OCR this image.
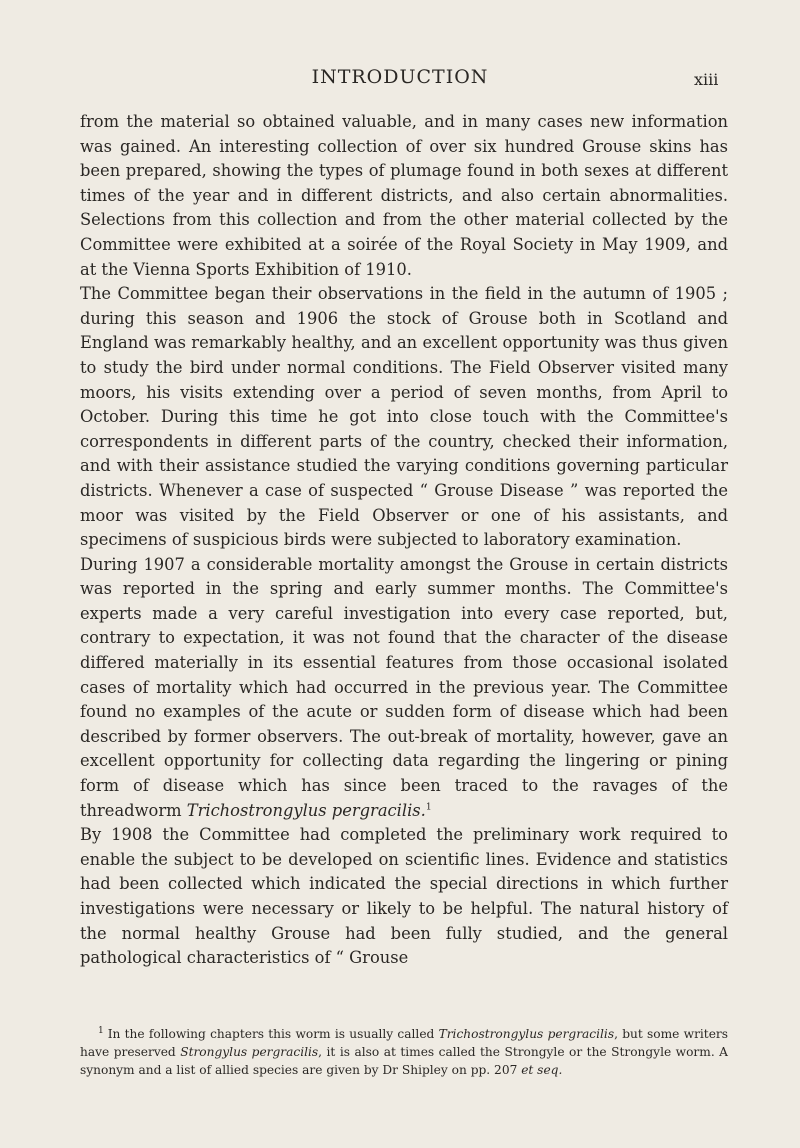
INTRODUCTION	xiii

from the material so obtained valuable, and in many cases new information was gained. An interesting collection of over six hundred Grouse skins has been prepared, showing the types of plumage found in both sexes at different times of the year and in different districts, and also certain abnormalities. Selections from this collection and from the other material collected by the Committee were exhibited at a soirée of the Royal Society in May 1909, and at the Vienna Sports Exhibition of 1910.

The Committee began their observations in the field in the autumn of 1905 ; during this season and 1906 the stock of Grouse both in Scotland and England was remarkably healthy, and an excellent opportunity was thus given to study the bird under normal conditions. The Field Observer visited many moors, his visits extending over a period of seven months, from April to October. During this time he got into close touch with the Committee's correspondents in different parts of the country, checked their information, and with their assistance studied the varying conditions governing particular districts. Whenever a case of suspected “ Grouse Disease ” was reported the moor was visited by the Field Observer or one of his assistants, and specimens of suspicious birds were subjected to laboratory examination.

During 1907 a considerable mortality amongst the Grouse in certain districts was reported in the spring and early summer months. The Committee's experts made a very careful investigation into every case reported, but, contrary to expectation, it was not found that the character of the disease differed materially in its essential features from those occasional isolated cases of mortality which had occurred in the previous year. The Committee found no examples of the acute or sudden form of disease which had been described by former observers. The out-break of mortality, however, gave an excellent opportunity for collecting data regarding the lingering or pining form of disease which has since been traced to the ravages of the threadworm Trichostrongylus pergracilis.$^1$

By 1908 the Committee had completed the preliminary work required to enable the subject to be developed on scientific lines. Evidence and statistics had been collected which indicated the special directions in which further investigations were necessary or likely to be helpful. The natural history of the normal healthy Grouse had been fully studied, and the general pathological characteristics of “ Grouse

$^1$ In the following chapters this worm is usually called Trichostrongylus pergracilis, but some writers have preserved Strongylus pergracilis, it is also at times called the Strongyle or the Strongyle worm. A synonym and a list of allied species are given by Dr Shipley on pp. 207 et seq.
